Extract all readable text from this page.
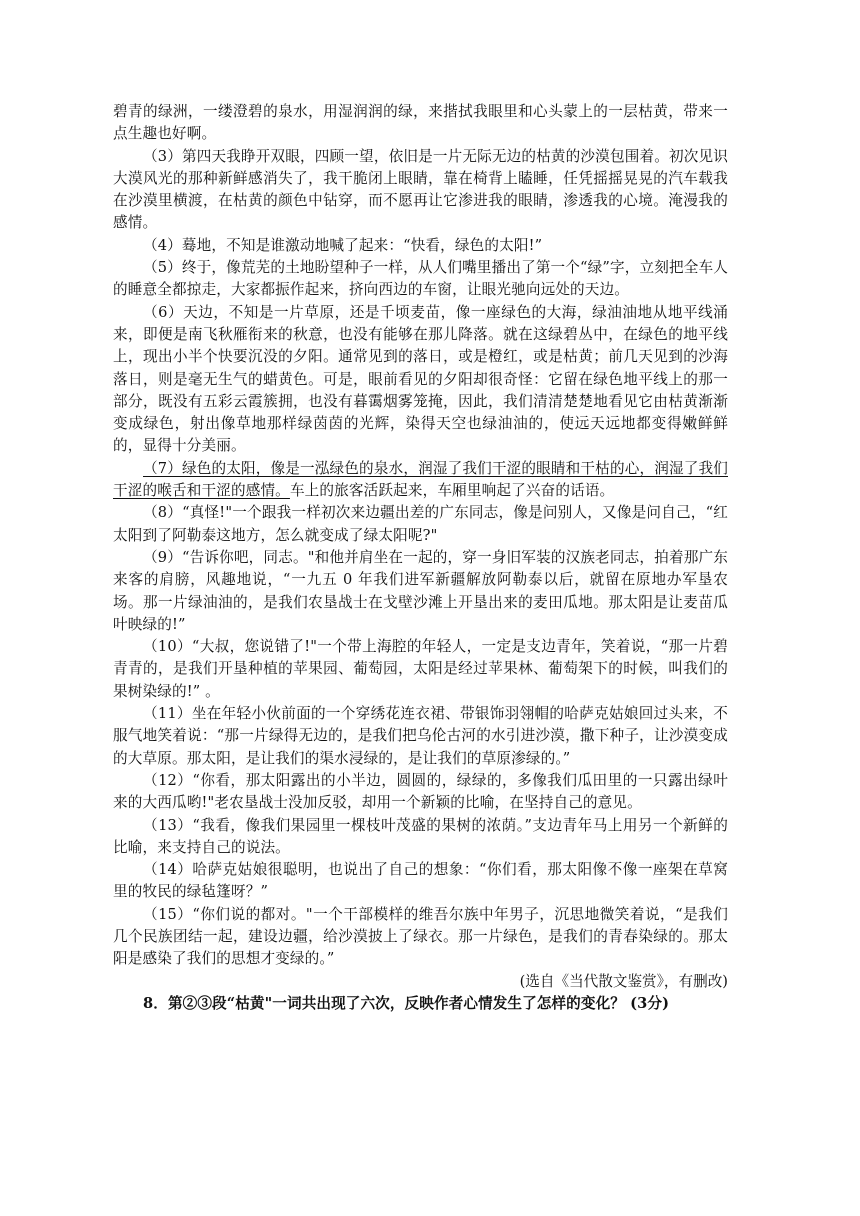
碧青的绿洲，一缕澄碧的泉水，用湿润润的绿，来揩拭我眼里和心头蒙上的一层枯黄，带来一点生趣也好啊。

（3）第四天我睁开双眼，四顾一望，依旧是一片无际无边的枯黄的沙漠包围着。初次见识大漠风光的那种新鲜感消失了，我干脆闭上眼睛，靠在椅背上瞌睡，任凭摇摇晃晃的汽车载我在沙漠里横渡，在枯黄的颜色中钻穿，而不愿再让它渗进我的眼睛，渗透我的心境。淹漫我的感情。

（4）蓦地，不知是谁激动地喊了起来：“快看，绿色的太阳!”

（5）终于，像荒芜的土地盼望种子一样，从人们嘴里播出了第一个“绿”字，立刻把全车人的睡意全都掠走，大家都振作起来，挤向西边的车窗，让眼光驰向远处的天边。

（6）天边，不知是一片草原，还是千顷麦苗，像一座绿色的大海，绿油油地从地平线涌来，即便是南飞秋雁衔来的秋意，也没有能够在那儿降落。就在这绿碧丛中，在绿色的地平线上，现出小半个快要沉没的夕阳。通常见到的落日，或是橙红，或是枯黄；前几天见到的沙海落日，则是毫无生气的蜡黄色。可是，眼前看见的夕阳却很奇怪：它留在绿色地平线上的那一部分，既没有五彩云霞簇拥，也没有暮霭烟雾笼掩，因此，我们清清楚楚地看见它由枯黄渐渐变成绿色，射出像草地那样绿茵茵的光辉，染得天空也绿油油的，使远天远地都变得嫩鲜鲜的，显得十分美丽。

（7）绿色的太阳，像是一泓绿色的泉水，润湿了我们干涩的眼睛和干枯的心，润湿了我们干涩的喉舌和干涩的感情。车上的旅客活跃起来，车厢里响起了兴奋的话语。

（8）“真怪!"一个跟我一样初次来边疆出差的广东同志，像是问别人，又像是问自己，“红太阳到了阿勒泰这地方，怎么就变成了绿太阳呢?"

（9）“告诉你吧，同志。"和他并肩坐在一起的，穿一身旧军装的汉族老同志，拍着那广东来客的肩膀，风趣地说，“一九五 0 年我们进军新疆解放阿勒泰以后，就留在原地办军垦农场。那一片绿油油的，是我们农垦战士在戈壁沙滩上开垦出来的麦田瓜地。那太阳是让麦苗瓜叶映绿的!”

（10）“大叔，您说错了!"一个带上海腔的年轻人，一定是支边青年，笑着说，“那一片碧青青的，是我们开垦种植的苹果园、葡萄园，太阳是经过苹果林、葡萄架下的时候，叫我们的果树染绿的!” 。

（11）坐在年轻小伙前面的一个穿绣花连衣裙、带银饰羽翎帽的哈萨克姑娘回过头来，不服气地笑着说：“那一片绿得无边的，是我们把乌伦古河的水引进沙漠，撒下种子，让沙漠变成的大草原。那太阳，是让我们的渠水浸绿的，是让我们的草原渗绿的。”

（12）“你看，那太阳露出的小半边，圆圆的，绿绿的，多像我们瓜田里的一只露出绿叶来的大西瓜哟!"老农垦战士没加反驳，却用一个新颖的比喻，在坚持自己的意见。

（13）“我看，像我们果园里一棵枝叶茂盛的果树的浓荫。”支边青年马上用另一个新鲜的比喻，来支持自己的说法。

（14）哈萨克姑娘很聪明，也说出了自己的想象：“你们看，那太阳像不像一座架在草窝里的牧民的绿毡篷呀？”

（15）“你们说的都对。"一个干部模样的维吾尔族中年男子，沉思地微笑着说，“是我们几个民族团结一起，建设边疆，给沙漠披上了绿衣。那一片绿色，是我们的青春染绿的。那太阳是感染了我们的思想才变绿的。”

(选自《当代散文鉴赏》，有删改)

8．第②③段“枯黄"一词共出现了六次，反映作者心情发生了怎样的变化？ (3分)
